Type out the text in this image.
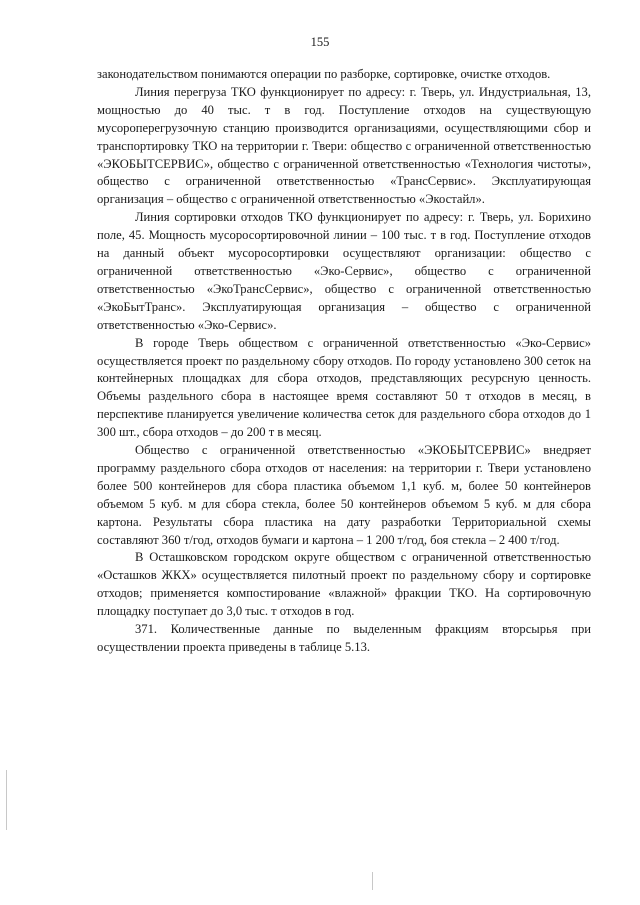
155

законодательством понимаются операции по разборке, сортировке, очистке отходов.

Линия перегруза ТКО функционирует по адресу: г. Тверь, ул. Индустриальная, 13, мощностью до 40 тыс. т в год. Поступление отходов на существующую мусороперегрузочную станцию производится организациями, осуществляющими сбор и транспортировку ТКО на территории г. Твери: общество с ограниченной ответственностью «ЭКОБЫТСЕРВИС», общество с ограниченной ответственностью «Технология чистоты», общество с ограниченной ответственностью «ТрансСервис». Эксплуатирующая организация – общество с ограниченной ответственностью «Экостайл».

Линия сортировки отходов ТКО функционирует по адресу: г. Тверь, ул. Борихино поле, 45. Мощность мусоросортировочной линии – 100 тыс. т в год. Поступление отходов на данный объект мусоросортировки осуществляют организации: общество с ограниченной ответственностью «Эко-Сервис», общество с ограниченной ответственностью «ЭкоТрансСервис», общество с ограниченной ответственностью «ЭкоБытТранс». Эксплуатирующая организация – общество с ограниченной ответственностью «Эко-Сервис».

В городе Тверь обществом с ограниченной ответственностью «Эко-Сервис» осуществляется проект по раздельному сбору отходов. По городу установлено 300 сеток на контейнерных площадках для сбора отходов, представляющих ресурсную ценность. Объемы раздельного сбора в настоящее время составляют 50 т отходов в месяц, в перспективе планируется увеличение количества сеток для раздельного сбора отходов до 1 300 шт., сбора отходов – до 200 т в месяц.

Общество с ограниченной ответственностью «ЭКОБЫТСЕРВИС» внедряет программу раздельного сбора отходов от населения: на территории г. Твери установлено более 500 контейнеров для сбора пластика объемом 1,1 куб. м, более 50 контейнеров объемом 5 куб. м для сбора стекла, более 50 контейнеров объемом 5 куб. м для сбора картона. Результаты сбора пластика на дату разработки Территориальной схемы составляют 360 т/год, отходов бумаги и картона – 1 200 т/год, боя стекла – 2 400 т/год.

В Осташковском городском округе обществом с ограниченной ответственностью «Осташков ЖКХ» осуществляется пилотный проект по раздельному сбору и сортировке отходов; применяется компостирование «влажной» фракции ТКО. На сортировочную площадку поступает до 3,0 тыс. т отходов в год.

371. Количественные данные по выделенным фракциям вторсырья при осуществлении проекта приведены в таблице 5.13.
